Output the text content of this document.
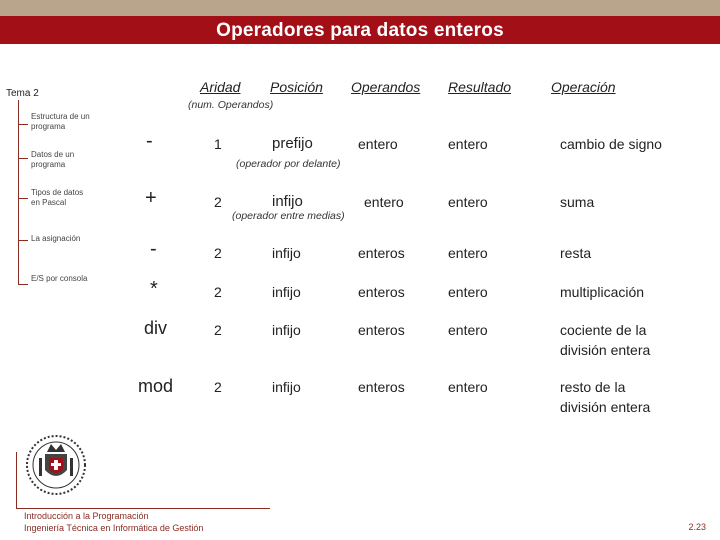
Operadores para datos enteros
Tema 2
Estructura de un programa
Datos de un programa
Tipos de datos en Pascal
La asignación
E/S por consola
Aridad Posición Operandos Resultado	Operación
(num. Operandos)
-	1	prefijo	entero	entero	cambio de signo
(operador por delante)
+	2	infijo	entero	entero	suma
(operador entre medias)
-	2	infijo	enteros	entero	resta
*	2	infijo	enteros	entero	multiplicación
div	2	infijo	enteros	entero	cociente de la
división entera
mod	2	infijo	enteros	entero	resto de la
división entera
Introducción a la Programación
Ingeniería Técnica en Informática de Gestión	2.23
